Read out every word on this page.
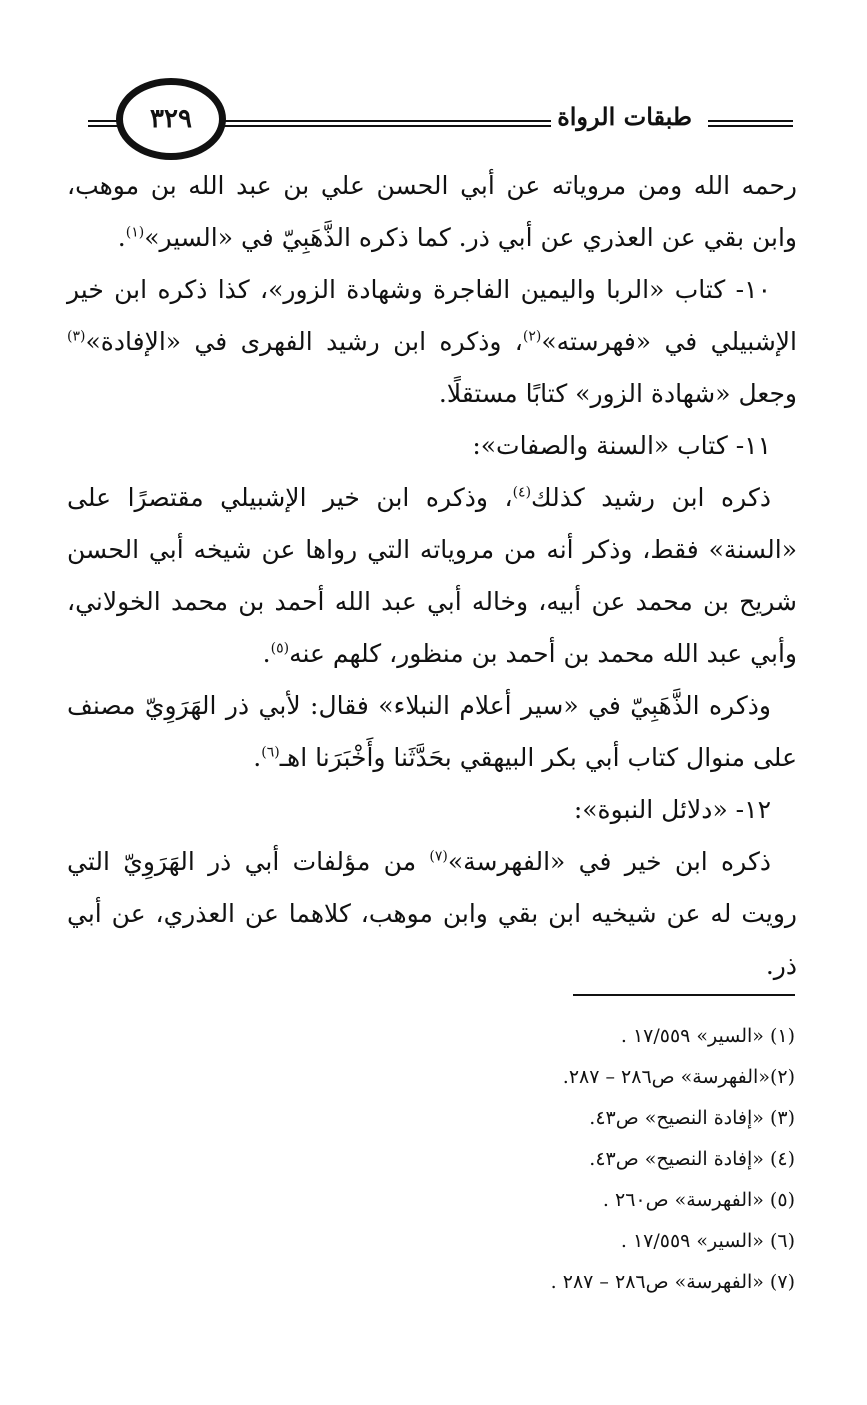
طبقات الرواة
٣٢٩

رحمه الله ومن مروياته عن أبي الحسن علي بن عبد الله بن موهب، وابن بقي عن العذري عن أبي ذر. كما ذكره الذَّهَبِيّ في «السير»$^{(١)}$.

١٠- كتاب «الربا واليمين الفاجرة وشهادة الزور»، كذا ذكره ابن خير الإشبيلي في «فهرسته»$^{(٢)}$، وذكره ابن رشيد الفهرى في «الإفادة»$^{(٣)}$ وجعل «شهادة الزور» كتابًا مستقلًا.

١١- كتاب «السنة والصفات»:

ذكره ابن رشيد كذلك$^{(٤)}$، وذكره ابن خير الإشبيلي مقتصرًا على «السنة» فقط، وذكر أنه من مروياته التي رواها عن شيخه أبي الحسن شريح بن محمد عن أبيه، وخاله أبي عبد الله أحمد بن محمد الخولاني، وأبي عبد الله محمد بن أحمد بن منظور، كلهم عنه$^{(٥)}$.

وذكره الذَّهَبِيّ في «سير أعلام النبلاء» فقال: لأبي ذر الهَرَوِيّ مصنف على منوال كتاب أبي بكر البيهقي بحَدَّثَنا وأَخْبَرَنا اهـ$^{(٦)}$.

١٢- «دلائل النبوة»:

ذكره ابن خير في «الفهرسة»$^{(٧)}$ من مؤلفات أبي ذر الهَرَوِيّ التي رويت له عن شيخيه ابن بقي وابن موهب، كلاهما عن العذري، عن أبي ذر.

(١) «السير» ١٧/٥٥٩ .
(٢)«الفهرسة» ص٢٨٦ – ٢٨٧.
(٣) «إفادة النصيح» ص٤٣.
(٤) «إفادة النصيح» ص٤٣.
(٥) «الفهرسة» ص٢٦٠ .
(٦) «السير» ١٧/٥٥٩ .
(٧) «الفهرسة» ص٢٨٦ – ٢٨٧ .
